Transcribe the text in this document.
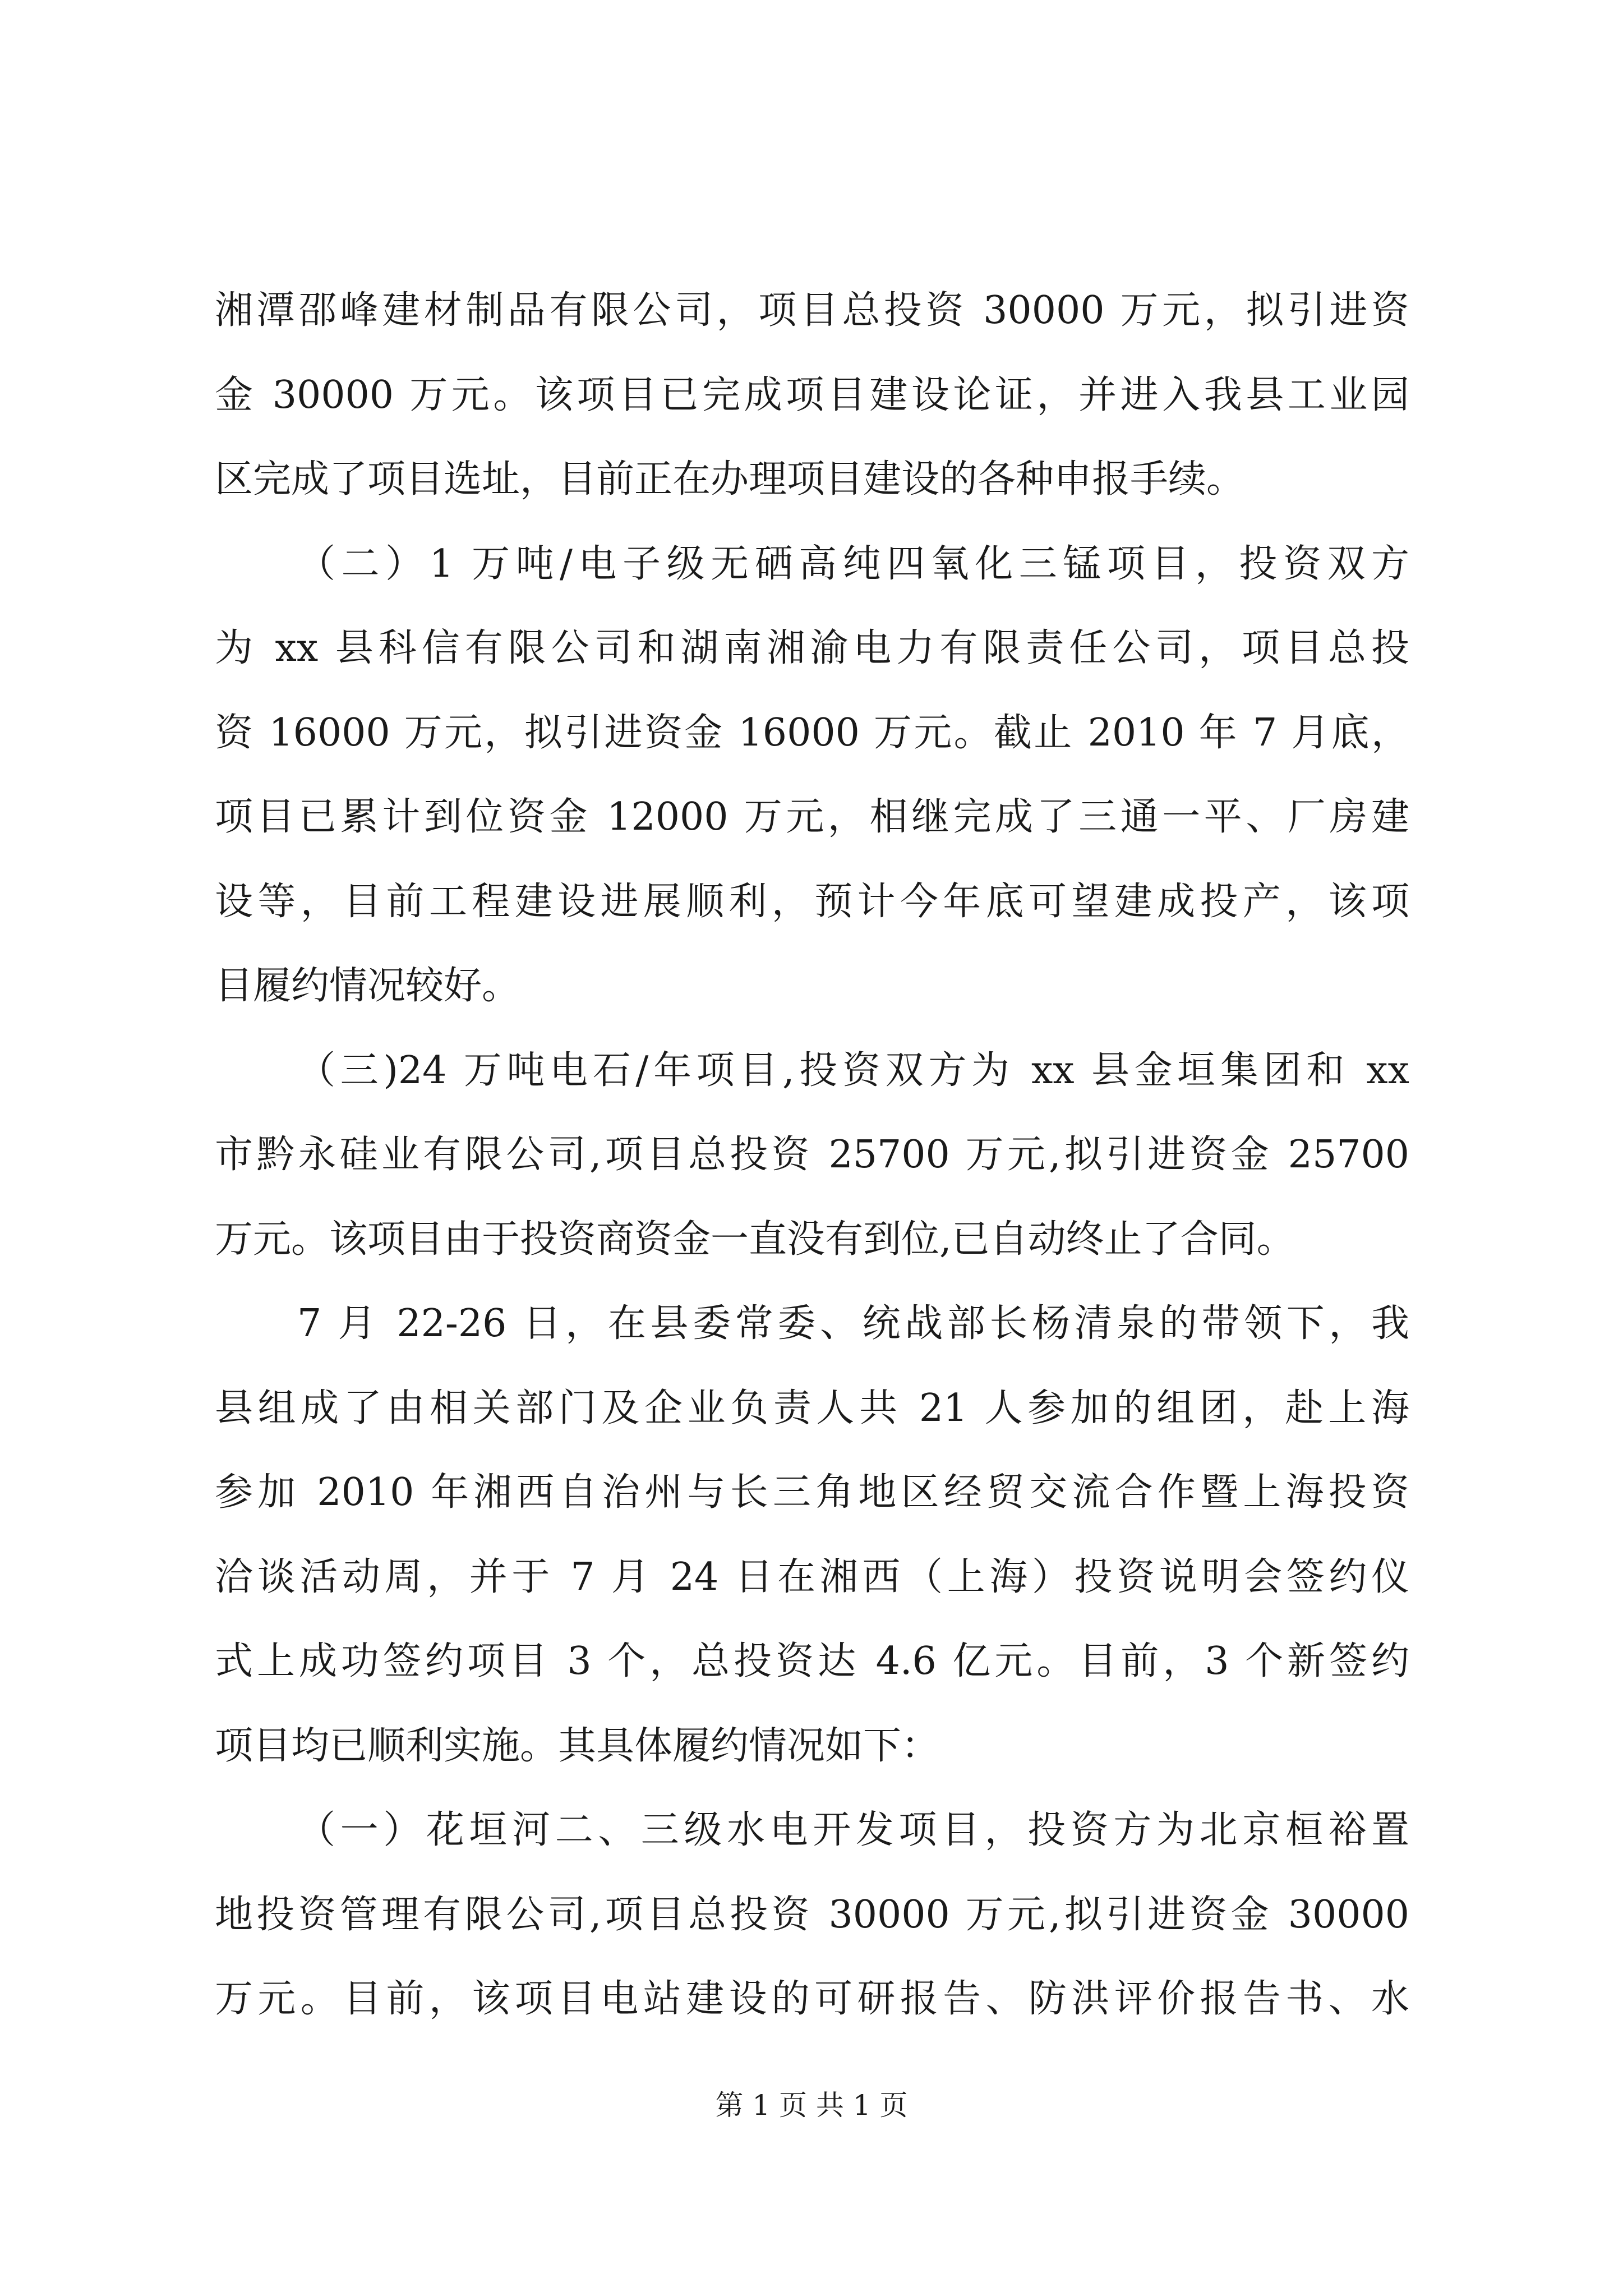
湘潭邵峰建材制品有限公司，项目总投资 30000 万元，拟引进资
金 30000 万元。该项目已完成项目建设论证，并进入我县工业园
区完成了项目选址，目前正在办理项目建设的各种申报手续。
（二）1 万吨/电子级无硒高纯四氧化三锰项目，投资双方
为 xx 县科信有限公司和湖南湘渝电力有限责任公司，项目总投
资 16000 万元，拟引进资金 16000 万元。截止 2010 年 7 月底，
项目已累计到位资金 12000 万元，相继完成了三通一平、厂房建
设等，目前工程建设进展顺利，预计今年底可望建成投产，该项
目履约情况较好。
（三)24 万吨电石/年项目,投资双方为 xx 县金垣集团和 xx
市黔永硅业有限公司,项目总投资 25700 万元,拟引进资金 25700
万元。该项目由于投资商资金一直没有到位,已自动终止了合同。
7 月 22-26 日，在县委常委、统战部长杨清泉的带领下，我
县组成了由相关部门及企业负责人共 21 人参加的组团，赴上海
参加 2010 年湘西自治州与长三角地区经贸交流合作暨上海投资
洽谈活动周，并于 7 月 24 日在湘西（上海）投资说明会签约仪
式上成功签约项目 3 个，总投资达 4.6 亿元。目前，3 个新签约
项目均已顺利实施。其具体履约情况如下：
（一）花垣河二、三级水电开发项目，投资方为北京桓裕置
地投资管理有限公司,项目总投资 30000 万元,拟引进资金 30000
万元。目前，该项目电站建设的可研报告、防洪评价报告书、水
第 1 页 共 1 页
